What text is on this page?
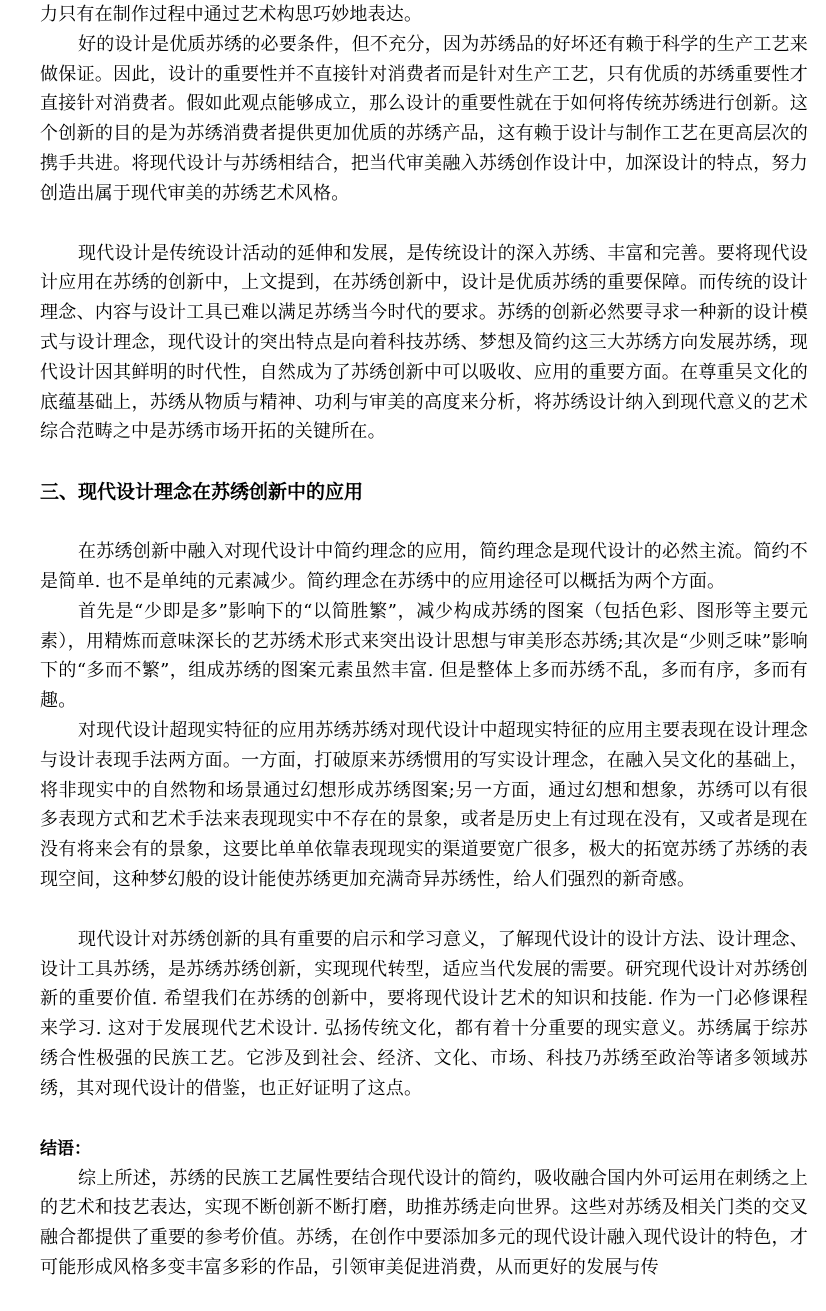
力只有在制作过程中通过艺术构思巧妙地表达。

好的设计是优质苏绣的必要条件，但不充分，因为苏绣品的好坏还有赖于科学的生产工艺来做保证。因此，设计的重要性并不直接针对消费者而是针对生产工艺，只有优质的苏绣重要性才直接针对消费者。假如此观点能够成立，那么设计的重要性就在于如何将传统苏绣进行创新。这个创新的目的是为苏绣消费者提供更加优质的苏绣产品，这有赖于设计与制作工艺在更高层次的携手共进。将现代设计与苏绣相结合，把当代审美融入苏绣创作设计中，加深设计的特点，努力创造出属于现代审美的苏绣艺术风格。

现代设计是传统设计活动的延伸和发展，是传统设计的深入苏绣、丰富和完善。要将现代设计应用在苏绣的创新中，上文提到，在苏绣创新中，设计是优质苏绣的重要保障。而传统的设计理念、内容与设计工具已难以满足苏绣当今时代的要求。苏绣的创新必然要寻求一种新的设计模式与设计理念，现代设计的突出特点是向着科技苏绣、梦想及简约这三大苏绣方向发展苏绣，现代设计因其鲜明的时代性，自然成为了苏绣创新中可以吸收、应用的重要方面。在尊重吴文化的底蕴基础上，苏绣从物质与精神、功利与审美的高度来分析，将苏绣设计纳入到现代意义的艺术综合范畴之中是苏绣市场开拓的关键所在。

三、现代设计理念在苏绣创新中的应用

在苏绣创新中融入对现代设计中简约理念的应用，简约理念是现代设计的必然主流。简约不是简单. 也不是单纯的元素减少。简约理念在苏绣中的应用途径可以概括为两个方面。

首先是“少即是多”影响下的“以简胜繁”，减少构成苏绣的图案（包括色彩、图形等主要元素），用精炼而意味深长的艺苏绣术形式来突出设计思想与审美形态苏绣;其次是“少则乏味”影响下的“多而不繁”，组成苏绣的图案元素虽然丰富. 但是整体上多而苏绣不乱，多而有序，多而有趣。

对现代设计超现实特征的应用苏绣苏绣对现代设计中超现实特征的应用主要表现在设计理念与设计表现手法两方面。一方面，打破原来苏绣惯用的写实设计理念，在融入吴文化的基础上，将非现实中的自然物和场景通过幻想形成苏绣图案;另一方面，通过幻想和想象，苏绣可以有很多表现方式和艺术手法来表现现实中不存在的景象，或者是历史上有过现在没有，又或者是现在没有将来会有的景象，这要比单单依靠表现现实的渠道要宽广很多，极大的拓宽苏绣了苏绣的表现空间，这种梦幻般的设计能使苏绣更加充满奇异苏绣性，给人们强烈的新奇感。

现代设计对苏绣创新的具有重要的启示和学习意义，了解现代设计的设计方法、设计理念、设计工具苏绣，是苏绣苏绣创新，实现现代转型，适应当代发展的需要。研究现代设计对苏绣创新的重要价值. 希望我们在苏绣的创新中，要将现代设计艺术的知识和技能. 作为一门必修课程来学习. 这对于发展现代艺术设计. 弘扬传统文化，都有着十分重要的现实意义。苏绣属于综苏绣合性极强的民族工艺。它涉及到社会、经济、文化、市场、科技乃苏绣至政治等诸多领域苏绣，其对现代设计的借鉴，也正好证明了这点。

结语：

综上所述，苏绣的民族工艺属性要结合现代设计的简约，吸收融合国内外可运用在刺绣之上的艺术和技艺表达，实现不断创新不断打磨，助推苏绣走向世界。这些对苏绣及相关门类的交叉融合都提供了重要的参考价值。苏绣，在创作中要添加多元的现代设计融入现代设计的特色，才可能形成风格多变丰富多彩的作品，引领审美促进消费，从而更好的发展与传
